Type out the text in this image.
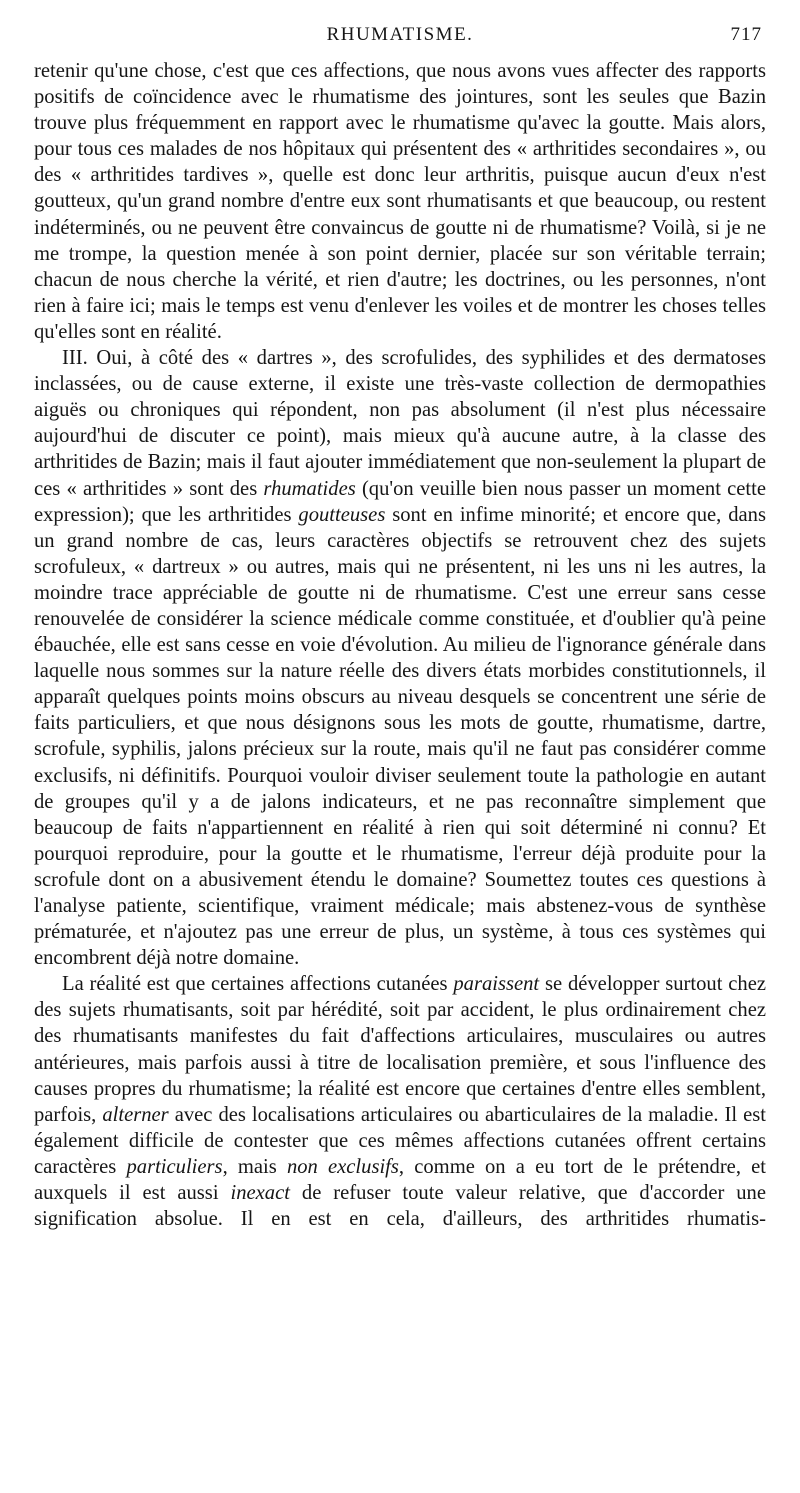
RHUMATISME.	717

retenir qu'une chose, c'est que ces affections, que nous avons vues affecter des rapports positifs de coïncidence avec le rhumatisme des jointures, sont les seules que Bazin trouve plus fréquemment en rapport avec le rhumatisme qu'avec la goutte. Mais alors, pour tous ces malades de nos hôpitaux qui présentent des « arthritides secondaires », ou des « arthritides tardives », quelle est donc leur arthritis, puisque aucun d'eux n'est goutteux, qu'un grand nombre d'entre eux sont rhumatisants et que beaucoup, ou restent indéterminés, ou ne peuvent être convaincus de goutte ni de rhumatisme? Voilà, si je ne me trompe, la question menée à son point dernier, placée sur son véritable terrain; chacun de nous cherche la vérité, et rien d'autre; les doctrines, ou les personnes, n'ont rien à faire ici; mais le temps est venu d'enlever les voiles et de montrer les choses telles qu'elles sont en réalité.

III. Oui, à côté des « dartres », des scrofulides, des syphilides et des dermatoses inclassées, ou de cause externe, il existe une très-vaste collection de dermopathies aiguës ou chroniques qui répondent, non pas absolument (il n'est plus nécessaire aujourd'hui de discuter ce point), mais mieux qu'à aucune autre, à la classe des arthritides de Bazin; mais il faut ajouter immédiatement que non-seulement la plupart de ces « arthritides » sont des rhumatides (qu'on veuille bien nous passer un moment cette expression); que les arthritides goutteuses sont en infime minorité; et encore que, dans un grand nombre de cas, leurs caractères objectifs se retrouvent chez des sujets scrofuleux, « dartreux » ou autres, mais qui ne présentent, ni les uns ni les autres, la moindre trace appréciable de goutte ni de rhumatisme. C'est une erreur sans cesse renouvelée de considérer la science médicale comme constituée, et d'oublier qu'à peine ébauchée, elle est sans cesse en voie d'évolution. Au milieu de l'ignorance générale dans laquelle nous sommes sur la nature réelle des divers états morbides constitutionnels, il apparaît quelques points moins obscurs au niveau desquels se concentrent une série de faits particuliers, et que nous désignons sous les mots de goutte, rhumatisme, dartre, scrofule, syphilis, jalons précieux sur la route, mais qu'il ne faut pas considérer comme exclusifs, ni définitifs. Pourquoi vouloir diviser seulement toute la pathologie en autant de groupes qu'il y a de jalons indicateurs, et ne pas reconnaître simplement que beaucoup de faits n'appartiennent en réalité à rien qui soit déterminé ni connu? Et pourquoi reproduire, pour la goutte et le rhumatisme, l'erreur déjà produite pour la scrofule dont on a abusivement étendu le domaine? Soumettez toutes ces questions à l'analyse patiente, scientifique, vraiment médicale; mais abstenez-vous de synthèse prématurée, et n'ajoutez pas une erreur de plus, un système, à tous ces systèmes qui encombrent déjà notre domaine.

La réalité est que certaines affections cutanées paraissent se développer surtout chez des sujets rhumatisants, soit par hérédité, soit par accident, le plus ordinairement chez des rhumatisants manifestes du fait d'affections articulaires, musculaires ou autres antérieures, mais parfois aussi à titre de localisation première, et sous l'influence des causes propres du rhumatisme; la réalité est encore que certaines d'entre elles semblent, parfois, alterner avec des localisations articulaires ou abarticulaires de la maladie. Il est également difficile de contester que ces mêmes affections cutanées offrent certains caractères particuliers, mais non exclusifs, comme on a eu tort de le prétendre, et auxquels il est aussi inexact de refuser toute valeur relative, que d'accorder une signification absolue. Il en est en cela, d'ailleurs, des arthritides rhumatis-
